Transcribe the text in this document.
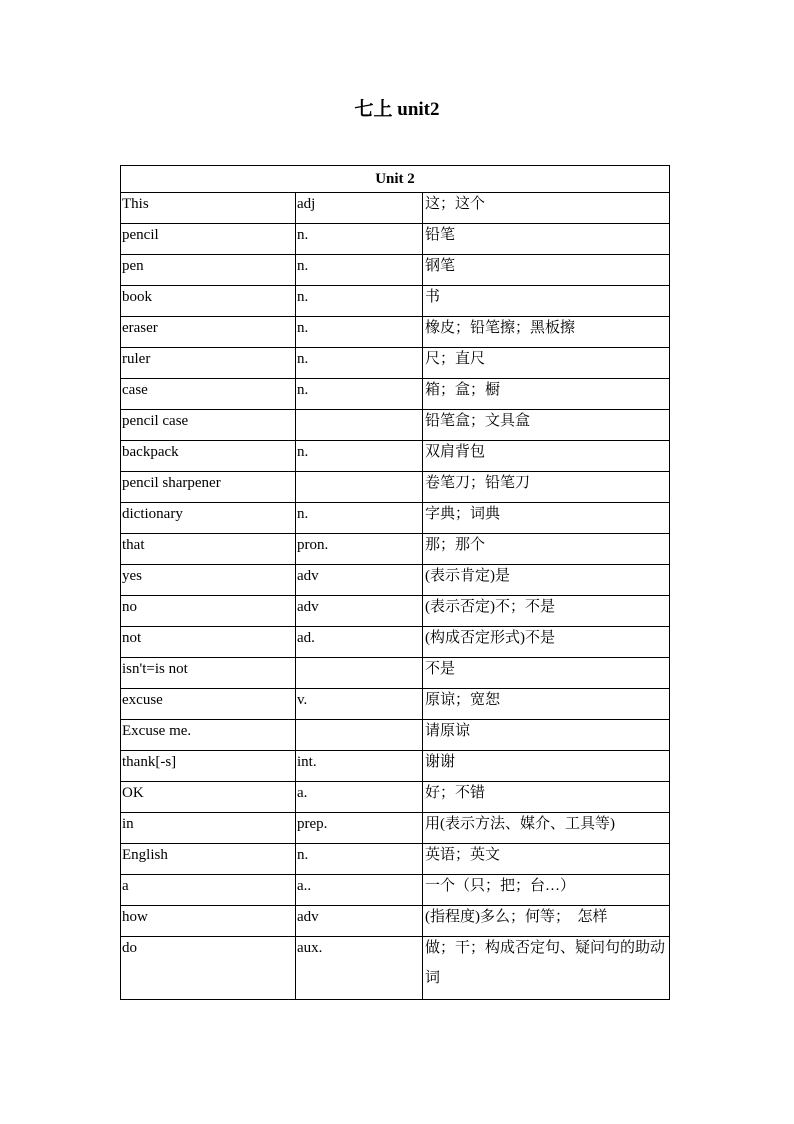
七上 unit2
Unit 2		

This	adj	这；这个

pencil	n.	铅笔

pen	n.	钢笔

book	n.	书

eraser	n.	橡皮；铅笔擦；黑板擦

ruler	n.	尺；直尺

case	n.	箱；盒；橱

pencil case		铅笔盒；文具盒

backpack	n.	双肩背包

pencil sharpener		卷笔刀；铅笔刀

dictionary	n.	字典；词典

that	pron.	那；那个

yes	adv	(表示肯定)是

no	adv	(表示否定)不；不是

not	ad.	(构成否定形式)不是

isn't=is not		不是

excuse	v.	原谅；宽恕

Excuse me.		请原谅

thank[-s]	int.	谢谢

OK	a.	好；不错

in	prep.	用(表示方法、媒介、工具等)

English	n.	英语；英文

a	a..	一个（只；把；台…）

how	adv	(指程度)多么；何等；　怎样

do	aux.	做；干；构成否定句、疑问句的助动词
